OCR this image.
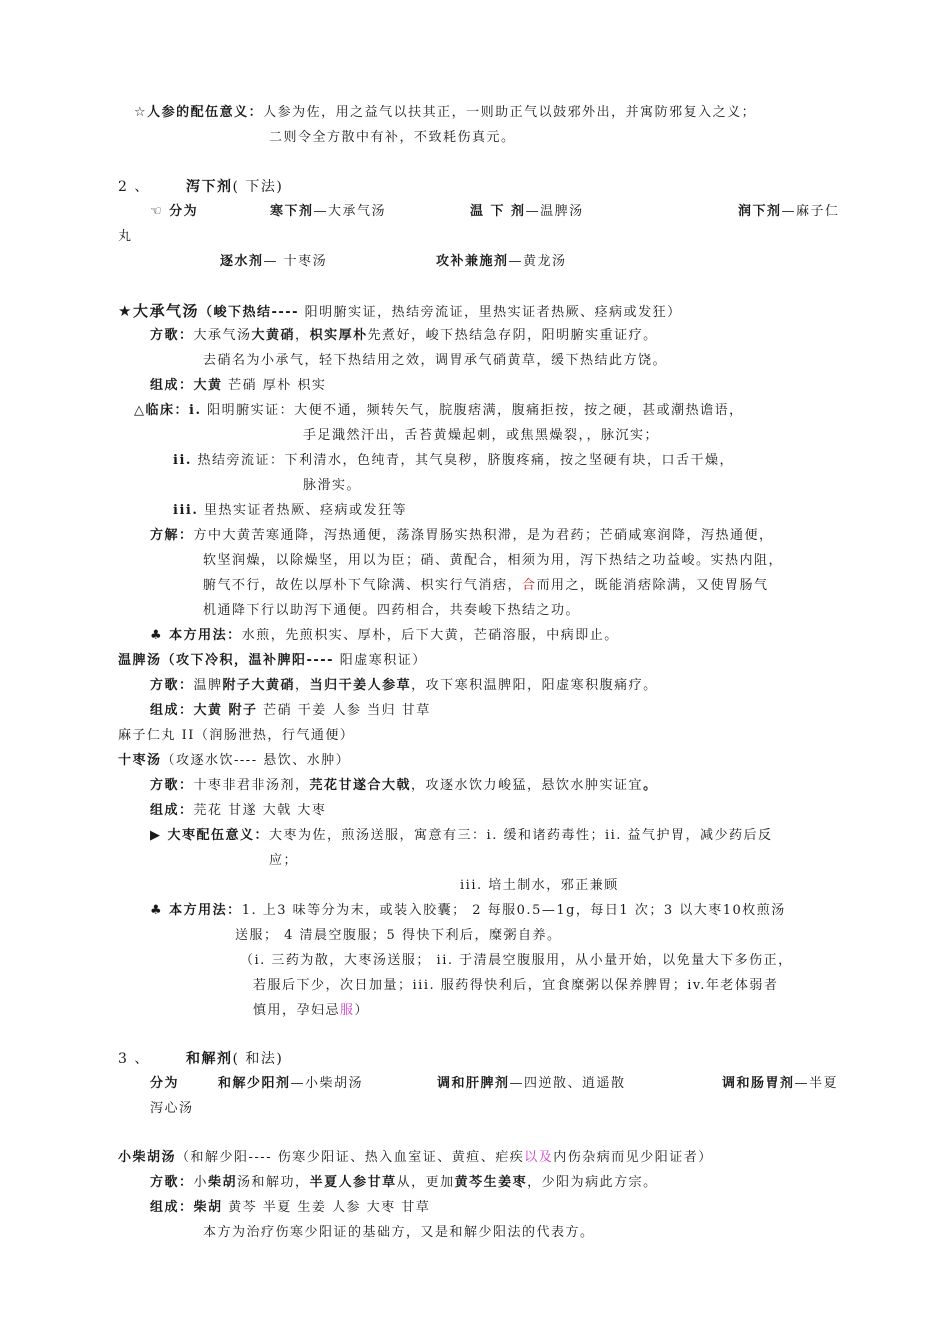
☆人参的配伍意义：人参为佐，用之益气以扶其正，一则助正气以鼓邪外出，并寓防邪复入之义；
二则令全方散中有补，不致耗伤真元。
2 、	泻下剂( 下法)
☜ 分为	寒下剂—大承气汤	温 下 剂—温脾汤	润下剂—麻子仁
丸
逐水剂— 十枣汤	攻补兼施剂—黄龙汤
★大承气汤（峻下热结---- 阳明腑实证，热结旁流证，里热实证者热厥、痉病或发狂）
方歌：大承气汤大黄硝，枳实厚朴先煮好，峻下热结急存阴，阳明腑实重证疗。
去硝名为小承气，轻下热结用之效，调胃承气硝黄草，缓下热结此方饶。
组成：大黄 芒硝 厚朴 枳实
△临床：i. 阳明腑实证：大便不通，频转矢气，脘腹痞满，腹痛拒按，按之硬，甚或潮热谵语，
手足濈然汗出，舌苔黄燥起刺，或焦黑燥裂，，脉沉实；
ii. 热结旁流证：下利清水，色纯青，其气臭秽，脐腹疼痛，按之坚硬有块，口舌干燥，
脉滑实。
iii. 里热实证者热厥、痉病或发狂等
方解：方中大黄苦寒通降，泻热通便，荡涤胃肠实热积滞，是为君药；芒硝咸寒润降，泻热通便，
软坚润燥，以除燥坚，用以为臣；硝、黄配合，相须为用，泻下热结之功益峻。实热内阻，
腑气不行，故佐以厚朴下气除满、枳实行气消痞，合而用之，既能消痞除满，又使胃肠气
机通降下行以助泻下通便。四药相合，共奏峻下热结之功。
♣ 本方用法：水煎，先煎枳实、厚朴，后下大黄，芒硝溶服，中病即止。
温脾汤（攻下冷积，温补脾阳---- 阳虚寒积证）
方歌：温脾附子大黄硝，当归干姜人参草，攻下寒积温脾阳，阳虚寒积腹痛疗。
组成：大黄 附子 芒硝 干姜 人参 当归 甘草
麻子仁丸 II（润肠泄热，行气通便）
十枣汤（攻逐水饮---- 悬饮、水肿）
方歌：十枣非君非汤剂，芫花甘遂合大戟，攻逐水饮力峻猛，悬饮水肿实证宜。
组成：芫花 甘遂 大戟 大枣
▶ 大枣配伍意义：大枣为佐，煎汤送服，寓意有三：i. 缓和诸药毒性；ii. 益气护胃，减少药后反
应；
iii. 培土制水，邪正兼顾
♣ 本方用法：1. 上3 味等分为末，或装入胶囊； 2 每服0.5—1g，每日1 次；3 以大枣10枚煎汤
送服； 4 清晨空腹服；5 得快下利后，糜粥自养。
（i. 三药为散，大枣汤送服； ii. 于清晨空腹服用，从小量开始，以免量大下多伤正，
若服后下少，次日加量；iii. 服药得快利后，宜食糜粥以保养脾胃；iv.年老体弱者
慎用，孕妇忌服）
3 、	和解剂( 和法)
分为	和解少阳剂—小柴胡汤	调和肝脾剂—四逆散、逍遥散	调和肠胃剂—半夏
泻心汤
小柴胡汤（和解少阳---- 伤寒少阳证、热入血室证、黄疸、疟疾以及内伤杂病而见少阳证者）
方歌：小柴胡汤和解功，半夏人参甘草从，更加黄芩生姜枣，少阳为病此方宗。
组成：柴胡 黄芩 半夏 生姜 人参 大枣 甘草
本方为治疗伤寒少阳证的基础方，又是和解少阳法的代表方。
